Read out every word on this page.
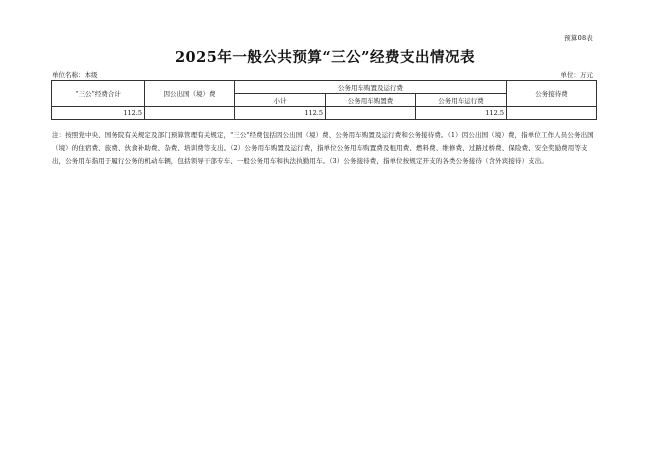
预算08表
2025年一般公共预算“三公”经费支出情况表
单位名称：本级	单位：万元
“三公”经费合计	因公出国（境）费	公务用车购置及运行费			公务接待费
		小计	公务用车购置费	公务用车运行费	
112.5		112.5		112.5	
注：按照党中央、国务院有关规定及部门预算管理有关规定，"三公"经费包括因公出国（境）费、公务用车购置及运行费和公务接待费。（1）因公出国（境）费，指单位工作人员公务出国（境）的住宿费、旅费、伙食补助费、杂费、培训费等支出。（2）公务用车购置及运行费，指单位公务用车购置费及租用费、燃料费、维修费、过路过桥费、保险费、安全奖励费用等支出，公务用车指用于履行公务的机动车辆，包括领导干部专车、一般公务用车和执法执勤用车。（3）公务接待费，指单位按规定开支的各类公务接待（含外宾接待）支出。
